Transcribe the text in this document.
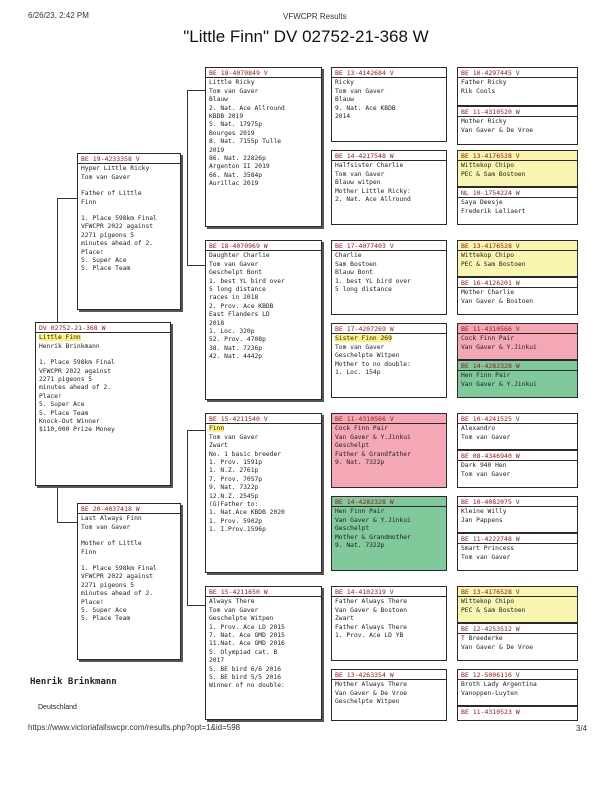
6/26/23, 2:42 PM	VFWCPR Results
"Little Finn" DV 02752-21-368 W
DV 02752-21-368 W
Little Finn
Henrik Brinkmann
1. Place 598km Final
VFWCPR 2022 against
2271 pigeons 5
minutes ahead of 2.
Place!
5. Super Ace
5. Place Team
Knock-Out Winner
$110,000 Prize Money
BE 19-4233358 V
Hyper Little Ricky
Tom van Gaver
Father of Little
Finn
1. Place 598km Final
VFWCPR 2022 against
2271 pigeons 5
minutes ahead of 2.
Place!
5. Super Ace
5. Place Team
BE 20-4037418 W
Last Always Finn
Tom van Gaver
Mother of Little
Finn
1. Place 598km Final
VFWCPR 2022 against
2271 pigeons 5
minutes ahead of 2.
Place!
5. Super Ace
5. Place Team
BE 18-4070849 V
Little Ricky
Tom van Gaver
Blauw
2. Nat. Ace Allround
KBDB 2019
5. Nat. 17975p
Bourges 2019
8. Nat. 7155p Tulle
2019
86. Nat. 22826p
Argenton II 2019
66. Nat. 3584p
Aurillac 2019
BE 18-4070969 W
Daughter Charlie
Tom van Gaver
Geschelpt Bont
1. best YL bird over
5 long distance
races in 2018
2. Prov. Ace KBDB
East Flanders LD
2018
1. Loc. 320p
52. Prov. 4708p
38. Nat. 7236p
42. Nat. 4442p
BE 15-4211540 V
Finn
Tom van Gaver
Zwart
No. 1 basic breeder
1. Prov. 1591p
1. N.Z. 2761p
7. Prov. 7057p
9. Nat. 7322p
12.N.Z. 2545p
(G)Father to:
1. Nat.Ace KBDB 2020
1. Prov. 5902p
1. I.Prov.1596p
BE 15-4211650 W
Always There
Tom van Gaver
Geschelpte Witpen
1. Prov. Ace LD 2015
7. Nat. Ace GMD 2015
11.Nat. Ace GMD 2016
5. Olympiad cat. B
2017
5. BE bird 6/6 2016
5. BE bird 5/5 2016
Winner of no double:
BE 13-4142684 V
Ricky
Tom van Gaver
Blauw
9. Nat. Ace KBDB
2014
BE 14-4217548 W
Halfsister Charlie
Tom van Gaver
Blauw witpen
Mother Little Ricky:
2. Nat. Ace Allround
BE 17-4077403 V
Charlie
Sam Bostoen
Blauw Bont
1. best YL bird over
5 long distance
BE 17-4207269 W
Sister Finn 269
Tom van Gaver
Geschelpte Witpen
Mother to no double:
1. Loc. 154p
BE 11-4310566 V
Cock Finn Pair
Van Gaver & Y.Jinkui
Geschelpt
Father & Grandfather
9. Nat. 7322p
BE 14-4282328 W
Hen Finn Pair
Van Gaver & Y.Jinkui
Geschelpt
Mother & Grandmother
9. Nat. 7322p
BE 14-4102319 V
Father Always There
Van Gaver & Bostoen
Zwart
Father Always There
1. Prov. Ace LD YB
BE 13-4263354 W
Mother Always There
Van Gaver & De Vroe
Geschelpte Witpen
BE 10-4297445 V
Father Ricky
Rik Cools
BE 11-4310520 W
Mother Ricky
Van Gaver & De Vroe
BE 13-4176528 V
Wittekop Chipo
PEC & Sam Bostoen
NL 10-1754224 W
Saya Deesje
Frederik Leliaert
BE 13-4176528 V
Wittekop Chipo
PEC & Sam Bostoen
BE 16-4126201 W
Mother Charlie
Van Gaver & Bostoen
BE 11-4310566 V
Cock Finn Pair
Van Gaver & Y.Jinkui
BE 14-4282328 W
Hen Finn Pair
Van Gaver & Y.Jinkui
BE 10-4241525 V
Alexandro
Tom van Gaver
BE 08-4346940 W
Dark 940 Hen
Tom van Gaver
BE 10-4082075 V
Kleine Willy
Jan Pappens
BE 11-4222748 W
Smart Princess
Tom van Gaver
BE 13-4176528 V
Wittekop Chipo
PEC & Sam Bostoen
BE 12-4253512 W
T Breederke
Van Gaver & De Vroe
BE 12-5006116 V
Broth Lady Argentina
Vanoppen-Luyten
BE 11-4310523 W
Henrik Brinkmann
Deutschland
https://www.victoriafallswcpr.com/results.php?opt=1&id=598	3/4
